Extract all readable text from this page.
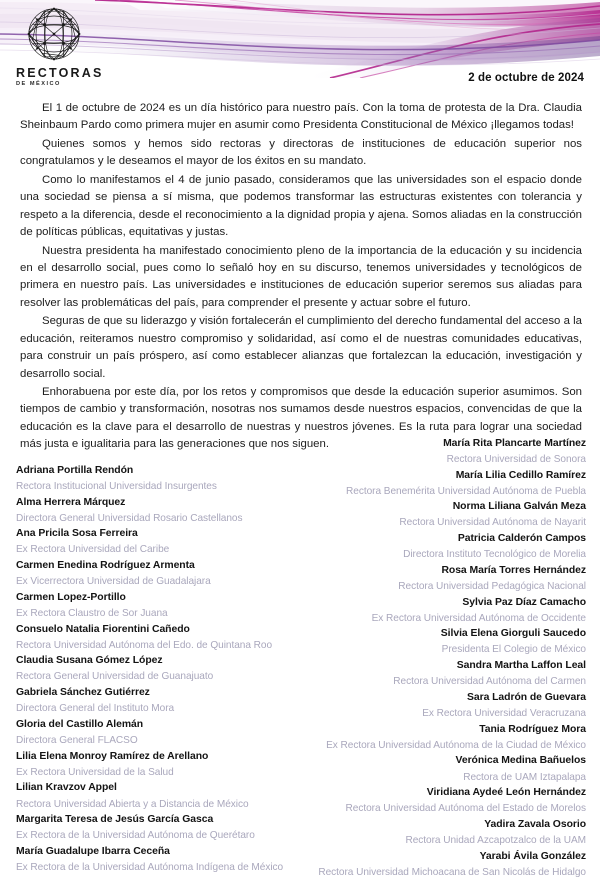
RECTORAS
DE MÉXICO
2 de octubre de 2024

El 1 de octubre de 2024 es un día histórico para nuestro país. Con la toma de protesta de la Dra. Claudia Sheinbaum Pardo como primera mujer en asumir como Presidenta Constitucional de México ¡llegamos todas!

Quienes somos y hemos sido rectoras y directoras de instituciones de educación superior nos congratulamos y le deseamos el mayor de los éxitos en su mandato.

Como lo manifestamos el 4 de junio pasado, consideramos que las universidades son el espacio donde una sociedad se piensa a sí misma, que podemos transformar las estructuras existentes con tolerancia y respeto a la diferencia, desde el reconocimiento a la dignidad propia y ajena. Somos aliadas en la construcción de políticas públicas, equitativas y justas.

Nuestra presidenta ha manifestado conocimiento pleno de la importancia de la educación y su incidencia en el desarrollo social, pues como lo señaló hoy en su discurso, tenemos universidades y tecnológicos de primera en nuestro país. Las universidades e instituciones de educación superior seremos sus aliadas para resolver las problemáticas del país, para comprender el presente y actuar sobre el futuro.

Seguras de que su liderazgo y visión fortalecerán el cumplimiento del derecho fundamental del acceso a la educación, reiteramos nuestro compromiso y solidaridad, así como el de nuestras comunidades educativas, para construir un país próspero, así como establecer alianzas que fortalezcan la educación, investigación y desarrollo social.

Enhorabuena por este día, por los retos y compromisos que desde la educación superior asumimos. Son tiempos de cambio y transformación, nosotras nos sumamos desde nuestros espacios, convencidas de que la educación es la clave para el desarrollo de nuestras y nuestros jóvenes. Es la ruta para lograr una sociedad más justa e igualitaria para las generaciones que nos siguen.

Adriana Portilla Rendón
Rectora Institucional Universidad Insurgentes
Alma Herrera Márquez
Directora General Universidad Rosario Castellanos
Ana Pricila Sosa Ferreira
Ex Rectora Universidad del Caribe
Carmen Enedina Rodríguez Armenta
Ex Vicerrectora Universidad de Guadalajara
Carmen Lopez-Portillo
Ex Rectora Claustro de Sor Juana
Consuelo Natalia Fiorentini Cañedo
Rectora Universidad Autónoma del Edo. de Quintana Roo
Claudia Susana Gómez López
Rectora General Universidad de Guanajuato
Gabriela Sánchez Gutiérrez
Directora General del Instituto Mora
Gloria del Castillo Alemán
Directora General FLACSO
Lilia Elena Monroy Ramírez de Arellano
Ex Rectora Universidad de la Salud
Lilian Kravzov Appel
Rectora Universidad Abierta y a Distancia de México
Margarita Teresa de Jesús García Gasca
Ex Rectora de la Universidad Autónoma de Querétaro
María Guadalupe Ibarra Ceceña
Ex Rectora de la Universidad Autónoma Indígena de México
María Rita Plancarte Martínez
Rectora Universidad de Sonora
María Lilia Cedillo Ramírez
Rectora Benemérita Universidad Autónoma de Puebla
Norma Liliana Galván Meza
Rectora Universidad Autónoma de Nayarit
Patricia Calderón Campos
Directora Instituto Tecnológico de Morelia
Rosa María Torres Hernández
Rectora Universidad Pedagógica Nacional
Sylvia Paz Díaz Camacho
Ex Rectora Universidad Autónoma de Occidente
Silvia Elena Giorguli Saucedo
Presidenta El Colegio de México
Sandra Martha Laffon Leal
Rectora Universidad Autónoma del Carmen
Sara Ladrón de Guevara
Ex Rectora Universidad Veracruzana
Tania Rodríguez Mora
Ex Rectora Universidad Autónoma de la Ciudad de México
Verónica Medina Bañuelos
Rectora de UAM Iztapalapa
Viridiana Aydeé León Hernández
Rectora Universidad Autónoma del Estado de Morelos
Yadira Zavala Osorio
Rectora Unidad Azcapotzalco de la UAM
Yarabi Ávila González
Rectora Universidad Michoacana de San Nicolás de Hidalgo
